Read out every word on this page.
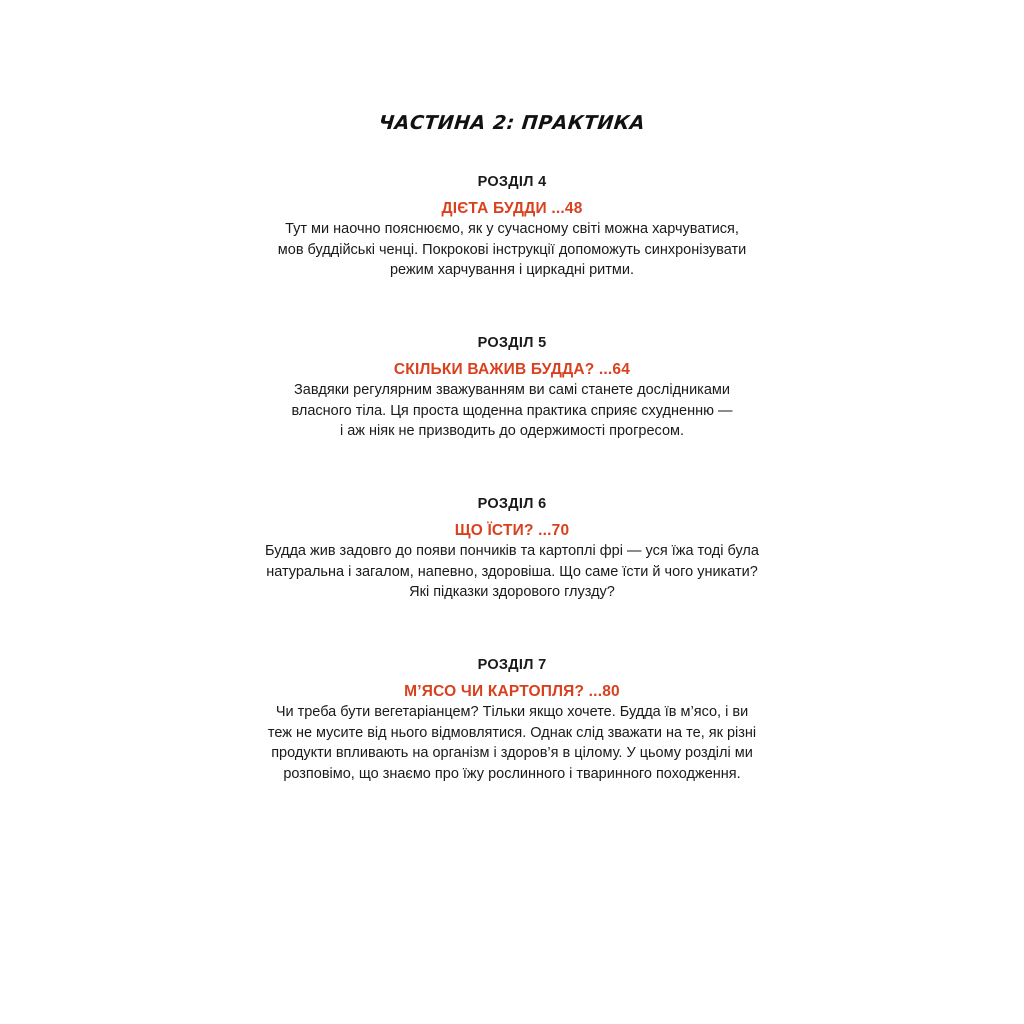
ЧАСТИНА 2: ПРАКТИКА
РОЗДІЛ 4
ДІЄТА БУДДИ ...48
Тут ми наочно пояснюємо, як у сучасному світі можна харчуватися,
мов буддійські ченці. Покрокові інструкції допоможуть синхронізувати
режим харчування і циркадні ритми.
РОЗДІЛ 5
СКІЛЬКИ ВАЖИВ БУДДА? ...64
Завдяки регулярним зважуванням ви самі станете дослідниками
власного тіла. Ця проста щоденна практика сприяє схудненню —
і аж ніяк не призводить до одержимості прогресом.
РОЗДІЛ 6
ЩО ЇСТИ? ...70
Будда жив задовго до появи пончиків та картоплі фрі — уся їжа тоді була
натуральна і загалом, напевно, здоровіша. Що саме їсти й чого уникати?
Які підказки здорового глузду?
РОЗДІЛ 7
М’ЯСО ЧИ КАРТОПЛЯ? ...80
Чи треба бути вегетаріанцем? Тільки якщо хочете. Будда їв м’ясо, і ви
теж не мусите від нього відмовлятися. Однак слід зважати на те, як різні
продукти впливають на організм і здоров’я в цілому. У цьому розділі ми
розповімо, що знаємо про їжу рослинного і тваринного походження.
